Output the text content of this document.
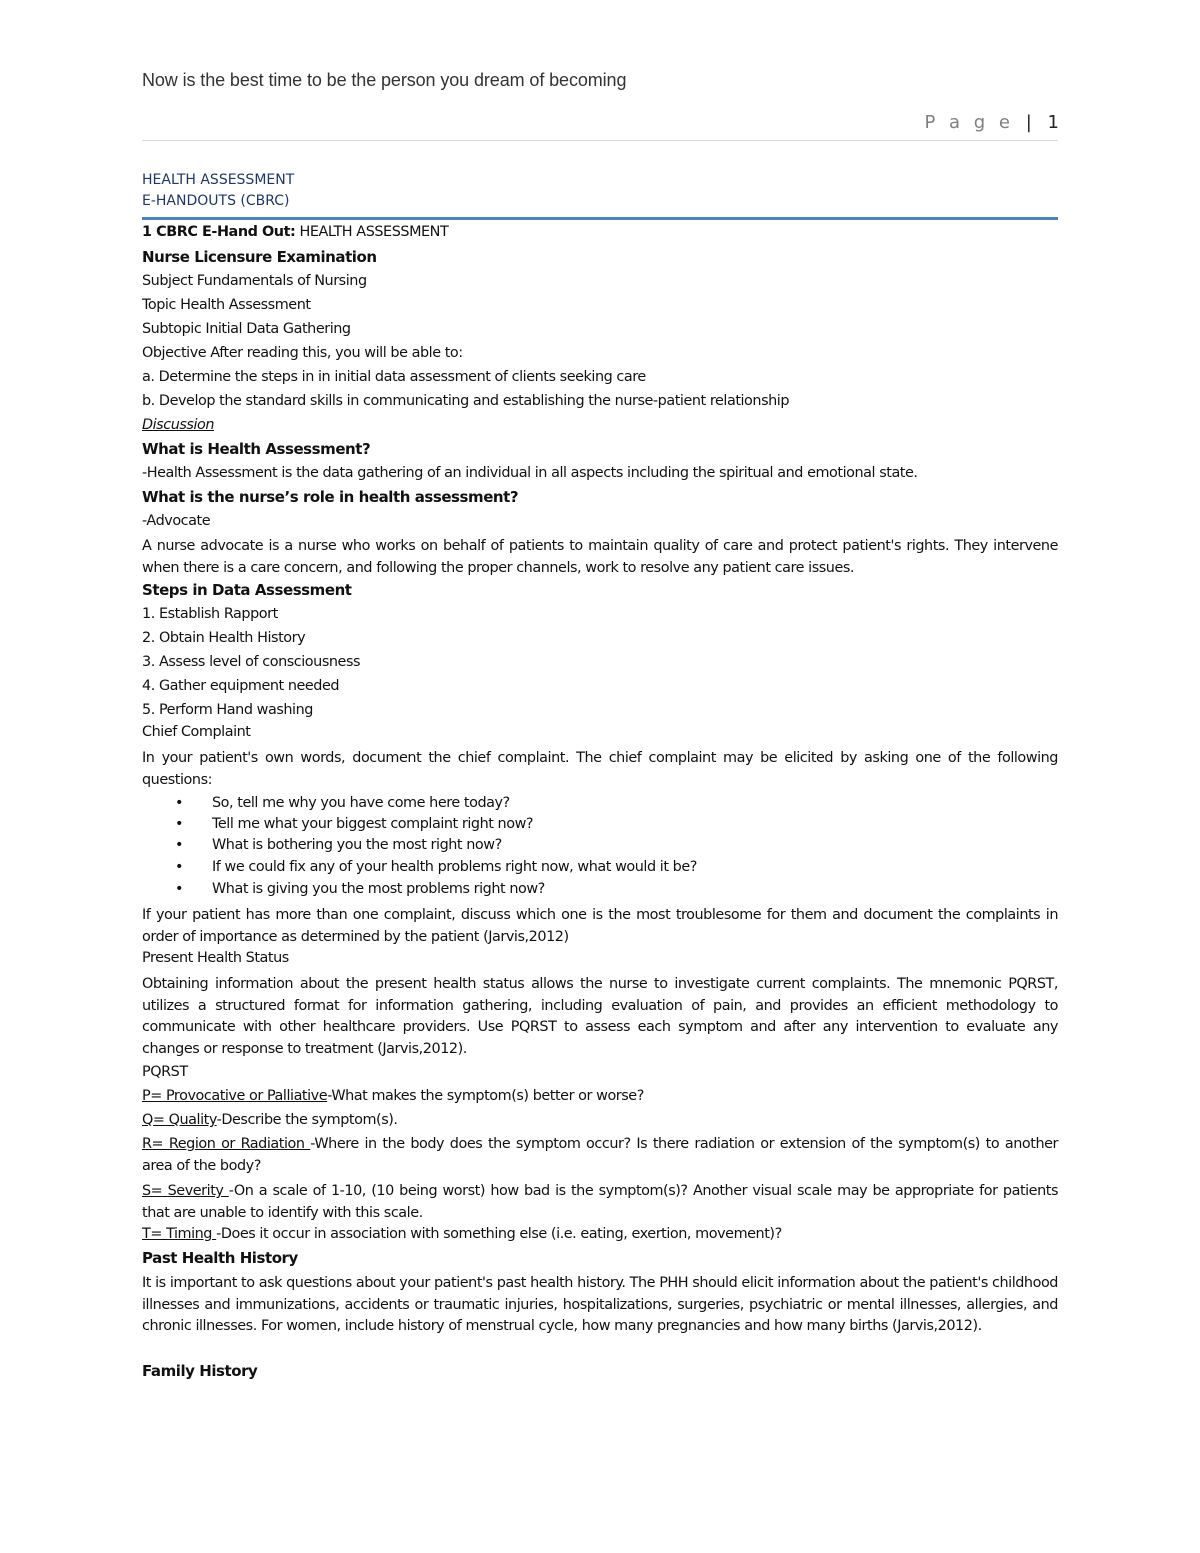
Now is the best time to be the person you dream of becoming
P a g e | 1
HEALTH ASSESSMENT
E-HANDOUTS (CBRC)
1 CBRC E-Hand Out: HEALTH ASSESSMENT
Nurse Licensure Examination
Subject Fundamentals of Nursing
Topic Health Assessment
Subtopic Initial Data Gathering
Objective After reading this, you will be able to:
a. Determine the steps in in initial data assessment of clients seeking care
b. Develop the standard skills in communicating and establishing the nurse-patient relationship
Discussion
What is Health Assessment?
-Health Assessment is the data gathering of an individual in all aspects including the spiritual and emotional state.
What is the nurse’s role in health assessment?
-Advocate
A nurse advocate is a nurse who works on behalf of patients to maintain quality of care and protect patient's rights. They intervene when there is a care concern, and following the proper channels, work to resolve any patient care issues.
Steps in Data Assessment
1. Establish Rapport
2. Obtain Health History
3. Assess level of consciousness
4. Gather equipment needed
5. Perform Hand washing
Chief Complaint
In your patient's own words, document the chief complaint. The chief complaint may be elicited by asking one of the following questions:
• So, tell me why you have come here today?
• Tell me what your biggest complaint right now?
• What is bothering you the most right now?
• If we could fix any of your health problems right now, what would it be?
• What is giving you the most problems right now?
If your patient has more than one complaint, discuss which one is the most troublesome for them and document the complaints in order of importance as determined by the patient (Jarvis,2012)
Present Health Status
Obtaining information about the present health status allows the nurse to investigate current complaints. The mnemonic PQRST, utilizes a structured format for information gathering, including evaluation of pain, and provides an efficient methodology to communicate with other healthcare providers. Use PQRST to assess each symptom and after any intervention to evaluate any changes or response to treatment (Jarvis,2012).
PQRST
P= Provocative or Palliative-What makes the symptom(s) better or worse?
Q= Quality-Describe the symptom(s).
R= Region or Radiation -Where in the body does the symptom occur? Is there radiation or extension of the symptom(s) to another area of the body?
S= Severity -On a scale of 1-10, (10 being worst) how bad is the symptom(s)? Another visual scale may be appropriate for patients that are unable to identify with this scale.
T= Timing -Does it occur in association with something else (i.e. eating, exertion, movement)?
Past Health History
It is important to ask questions about your patient's past health history. The PHH should elicit information about the patient's childhood illnesses and immunizations, accidents or traumatic injuries, hospitalizations, surgeries, psychiatric or mental illnesses, allergies, and chronic illnesses. For women, include history of menstrual cycle, how many pregnancies and how many births (Jarvis,2012).
Family History
